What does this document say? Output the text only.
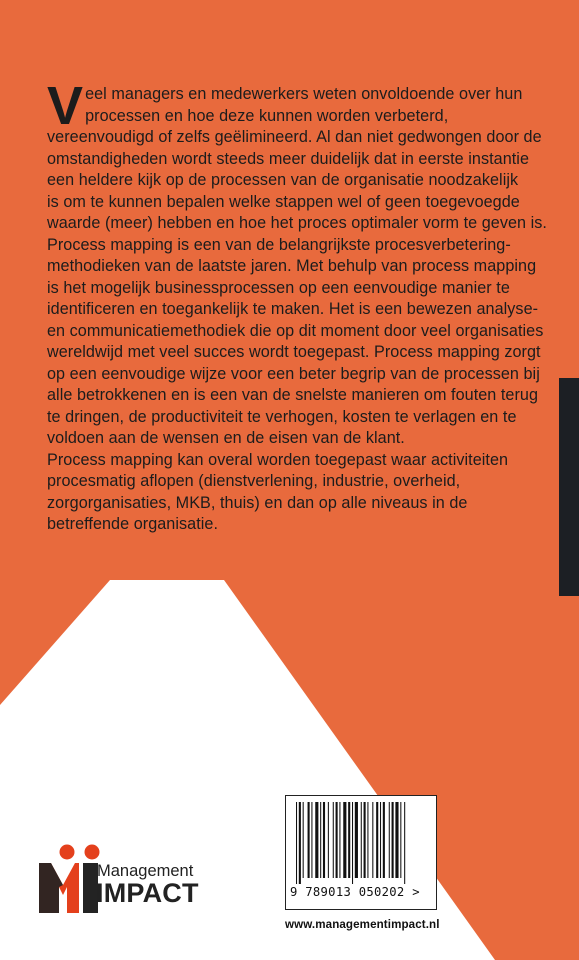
V eel managers en medewerkers weten onvoldoende over hun
processen en hoe deze kunnen worden verbeterd,
vereenvoudigd of zelfs geëlimineerd. Al dan niet gedwongen door de
omstandigheden wordt steeds meer duidelijk dat in eerste instantie
een heldere kijk op de processen van de organisatie noodzakelijk
is om te kunnen bepalen welke stappen wel of geen toegevoegde
waarde (meer) hebben en hoe het proces optimaler vorm te geven is.
Process mapping is een van de belangrijkste procesverbetering-
methodieken van de laatste jaren. Met behulp van process mapping
is het mogelijk businessprocessen op een eenvoudige manier te
identificeren en toegankelijk te maken. Het is een bewezen analyse-
en communicatiemethodiek die op dit moment door veel organisaties
wereldwijd met veel succes wordt toegepast. Process mapping zorgt
op een eenvoudige wijze voor een beter begrip van de processen bij
alle betrokkenen en is een van de snelste manieren om fouten terug
te dringen, de productiviteit te verhogen, kosten te verlagen en te
voldoen aan de wensen en de eisen van de klant.
Process mapping kan overal worden toegepast waar activiteiten
procesmatig aflopen (dienstverlening, industrie, overheid,
zorgorganisaties, MKB, thuis) en dan op alle niveaus in de
betreffende organisatie.
9 789013 050202 >
www.managementimpact.nl
Management
IMPACT
